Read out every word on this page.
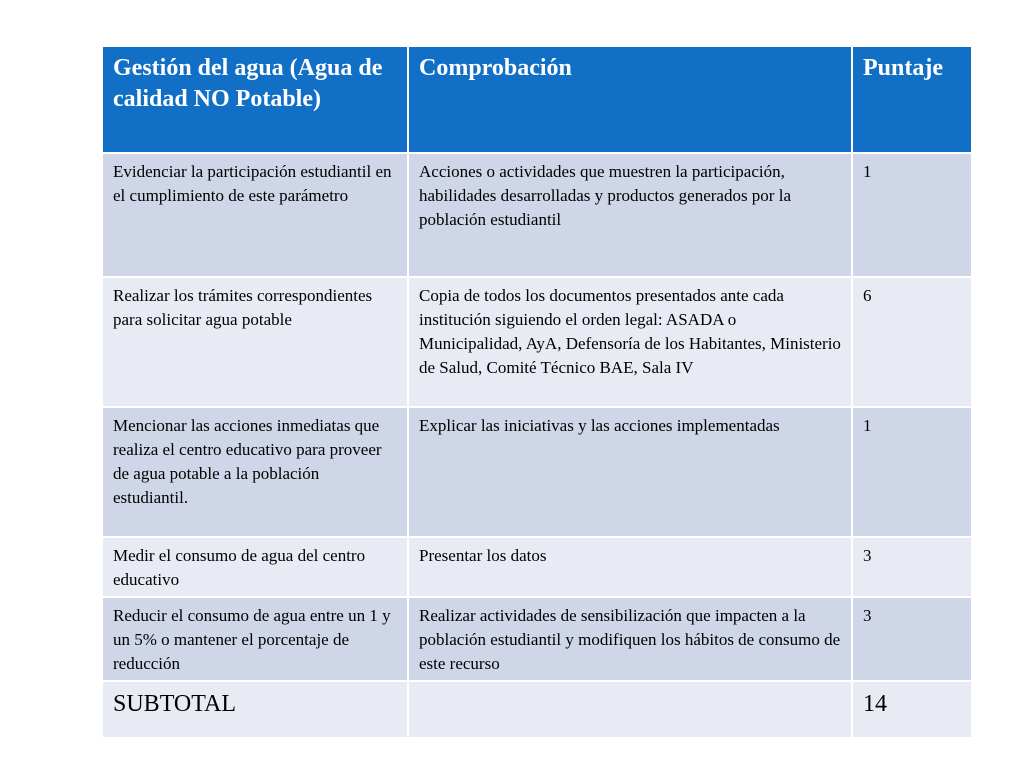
Gestión del agua (Agua de calidad NO Potable)	Comprobación	Puntaje
Evidenciar la participación estudiantil en el cumplimiento de este parámetro	Acciones o actividades que muestren la participación, habilidades desarrolladas y productos generados por la población estudiantil	1
Realizar los trámites correspondientes para solicitar agua potable	Copia de todos los documentos presentados ante cada institución siguiendo el orden legal: ASADA o Municipalidad, AyA, Defensoría de los Habitantes, Ministerio de Salud, Comité Técnico BAE, Sala IV	6
Mencionar las acciones inmediatas que realiza el centro educativo para proveer de agua potable a la población estudiantil.	Explicar las iniciativas y las acciones implementadas	1
Medir el consumo de agua del centro educativo	Presentar los datos	3
Reducir el consumo de agua entre un 1 y un 5% o mantener el porcentaje de reducción	Realizar actividades de sensibilización que impacten a la población estudiantil y modifiquen los hábitos de consumo de este recurso	3
SUBTOTAL		14
